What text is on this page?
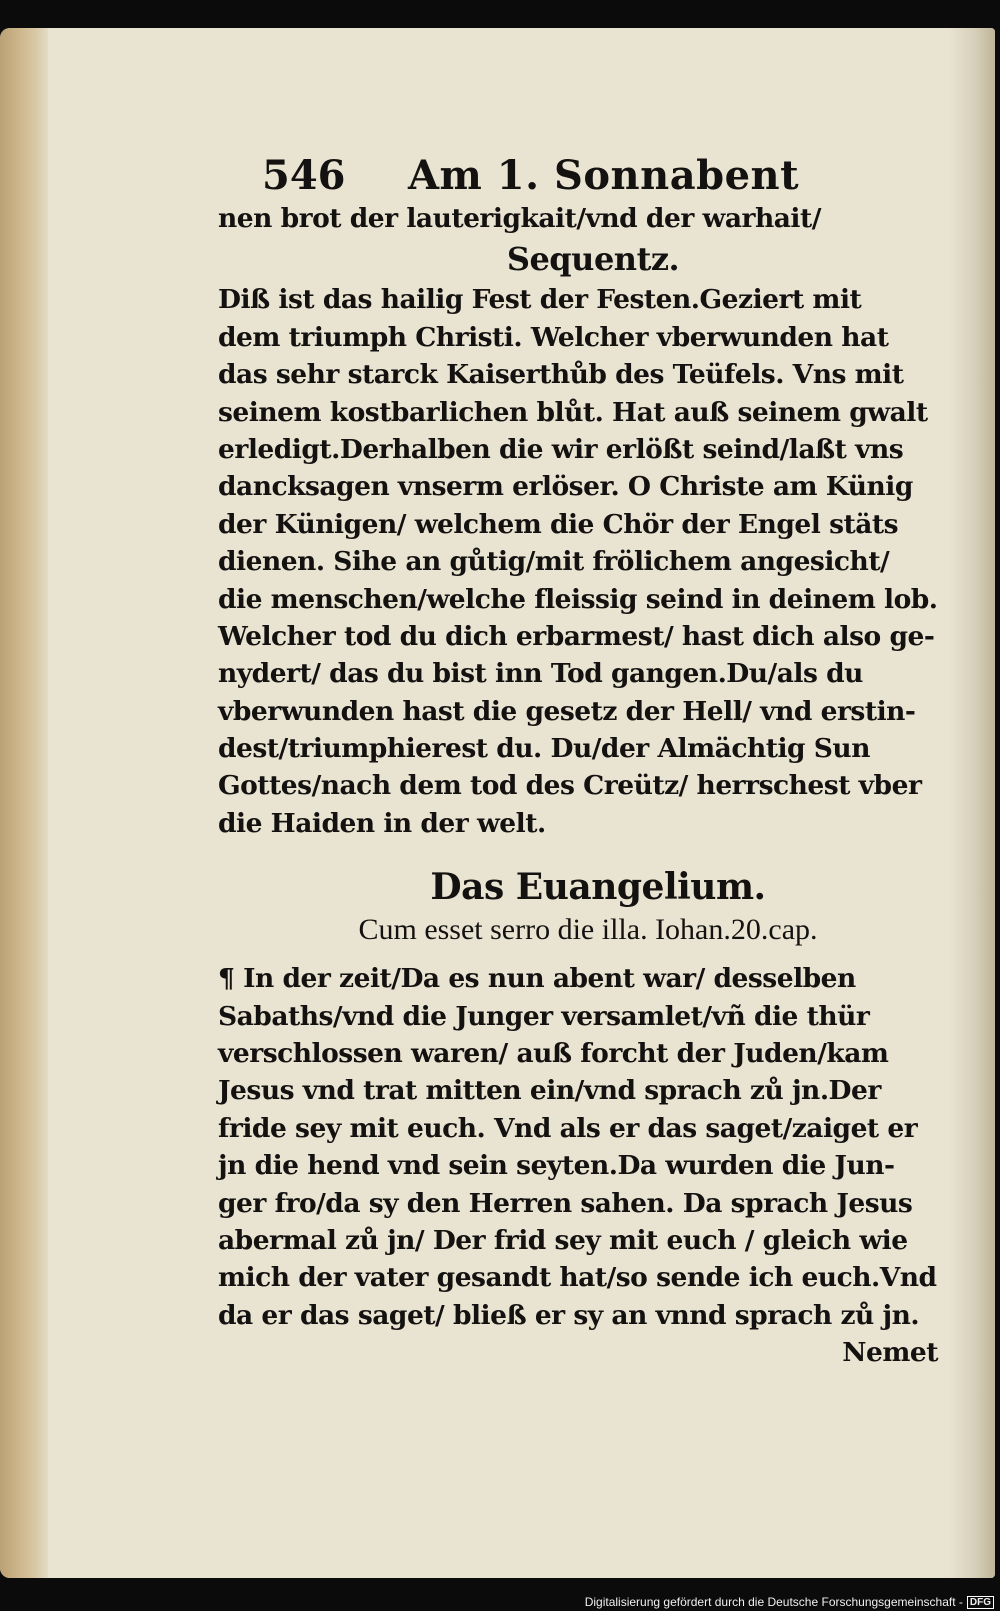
546 Am 1. Sonnabent
nen brot der lauterigkait/vnd der warhait/
Sequentz.
Diß ist das hailig Fest der Festen.Geziert mit
dem triumph Christi. Welcher vberwunden hat
das sehr starck Kaiserthůb des Teüfels. Vns mit
seinem kostbarlichen blůt. Hat auß seinem gwalt
erledigt.Derhalben die wir erlößt seind/laßt vns
dancksagen vnserm erlöser. O Christe am Künig
der Künigen/ welchem die Chör der Engel stäts
dienen. Sihe an gůtig/mit frölichem angesicht/
die menschen/welche fleissig seind in deinem lob.
Welcher tod du dich erbarmest/ hast dich also ge-
nydert/ das du bist inn Tod gangen.Du/als du
vberwunden hast die gesetz der Hell/ vnd erstin-
dest/triumphierest du. Du/der Almächtig Sun
Gottes/nach dem tod des Creütz/ herrschest vber
die Haiden in der welt.
Das Euangelium.
Cum esset serro die illa. Iohan.20.cap.
¶ In der zeit/Da es nun abent war/ desselben
Sabaths/vnd die Junger versamlet/vñ die thür
verschlossen waren/ auß forcht der Juden/kam
Jesus vnd trat mitten ein/vnd sprach zů jn.Der
fride sey mit euch. Vnd als er das saget/zaiget er
jn die hend vnd sein seyten.Da wurden die Jun-
ger fro/da sy den Herren sahen. Da sprach Jesus
abermal zů jn/ Der frid sey mit euch / gleich wie
mich der vater gesandt hat/so sende ich euch.Vnd
da er das saget/ bließ er sy an vnnd sprach zů jn.
Nemet
Digitalisierung gefördert durch die Deutsche Forschungsgemeinschaft - DFG
